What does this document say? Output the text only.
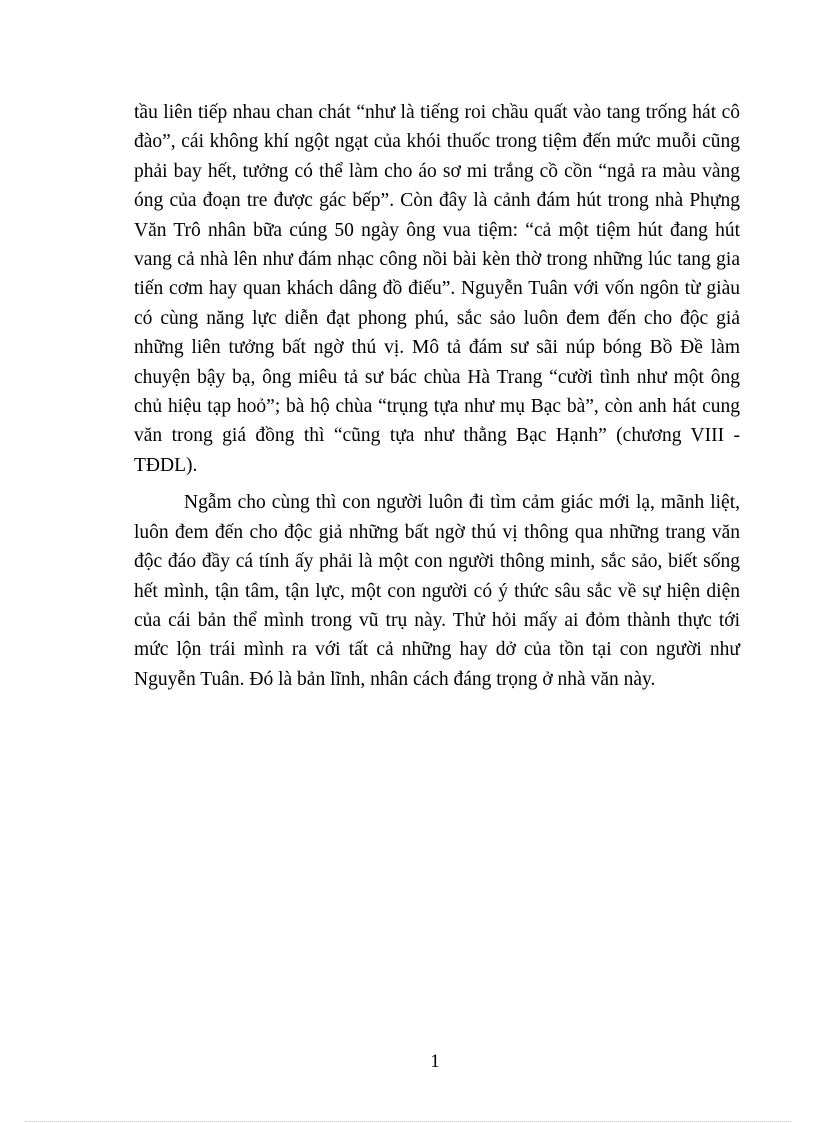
tầu liên tiếp nhau chan chát “như là tiếng roi chầu quất vào tang trống hát cô đào”, cái không khí ngột ngạt của khói thuốc trong tiệm đến mức muỗi cũng phải bay hết, tưởng có thể làm cho áo sơ mi trắng cồ cồn “ngả ra màu vàng óng của đoạn tre được gác bếp”. Còn đây là cảnh đám hút trong nhà Phựng Văn Trô nhân bữa cúng 50 ngày ông vua tiệm: “cả một tiệm hút đang hút vang cả nhà lên như đám nhạc công nồi bài kèn thờ trong những lúc tang gia tiến cơm hay quan khách dâng đồ điếu”. Nguyễn Tuân với vốn ngôn từ giàu có cùng năng lực diễn đạt phong phú, sắc sảo luôn đem đến cho độc giả những liên tưởng bất ngờ thú vị. Mô tả đám sư sãi núp bóng Bồ Đề làm chuyện bậy bạ, ông miêu tả sư bác chùa Hà Trang “cười tình như một ông chủ hiệu tạp hoỏ”; bà hộ chùa “trụng tựa như mụ Bạc bà”, còn anh hát cung văn trong giá đồng thì “cũng tựa như thằng Bạc Hạnh” (chương VIII - TĐDL).

Ngẫm cho cùng thì con người luôn đi tìm cảm giác mới lạ, mãnh liệt, luôn đem đến cho độc giả những bất ngờ thú vị thông qua những trang văn độc đáo đầy cá tính ấy phải là một con người thông minh, sắc sảo, biết sống hết mình, tận tâm, tận lực, một con người có ý thức sâu sắc về sự hiện diện của cái bản thể mình trong vũ trụ này. Thử hỏi mấy ai đỏm thành thực tới mức lộn trái mình ra với tất cả những hay dở của tồn tại con người như Nguyễn Tuân. Đó là bản lĩnh, nhân cách đáng trọng ở nhà văn này.

1
